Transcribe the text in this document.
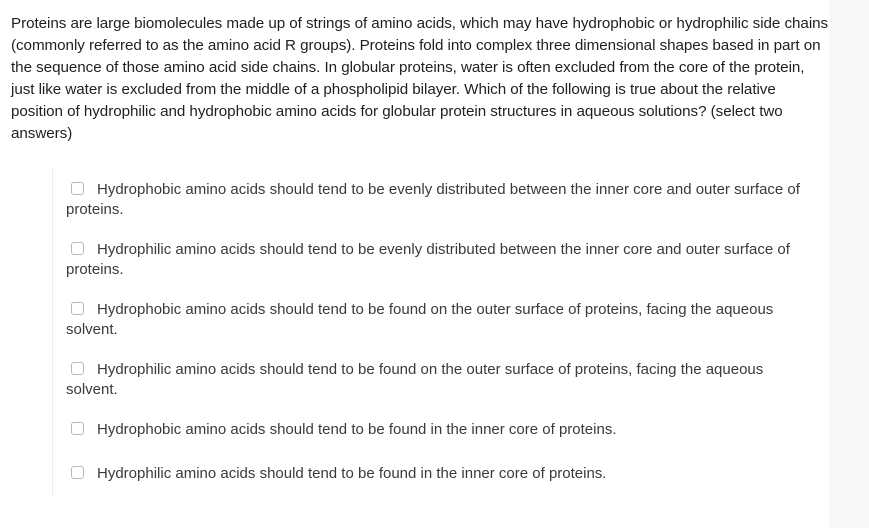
Proteins are large biomolecules made up of strings of amino acids, which may have hydrophobic or hydrophilic side chains (commonly referred to as the amino acid R groups). Proteins fold into complex three dimensional shapes based in part on the sequence of those amino acid side chains. In globular proteins, water is often excluded from the core of the protein, just like water is excluded from the middle of a phospholipid bilayer. Which of the following is true about the relative position of hydrophilic and hydrophobic amino acids for globular protein structures in aqueous solutions? (select two answers)
Hydrophobic amino acids should tend to be evenly distributed between the inner core and outer surface of proteins.
Hydrophilic amino acids should tend to be evenly distributed between the inner core and outer surface of proteins.
Hydrophobic amino acids should tend to be found on the outer surface of proteins, facing the aqueous solvent.
Hydrophilic amino acids should tend to be found on the outer surface of proteins, facing the aqueous solvent.
Hydrophobic amino acids should tend to be found in the inner core of proteins.
Hydrophilic amino acids should tend to be found in the inner core of proteins.
